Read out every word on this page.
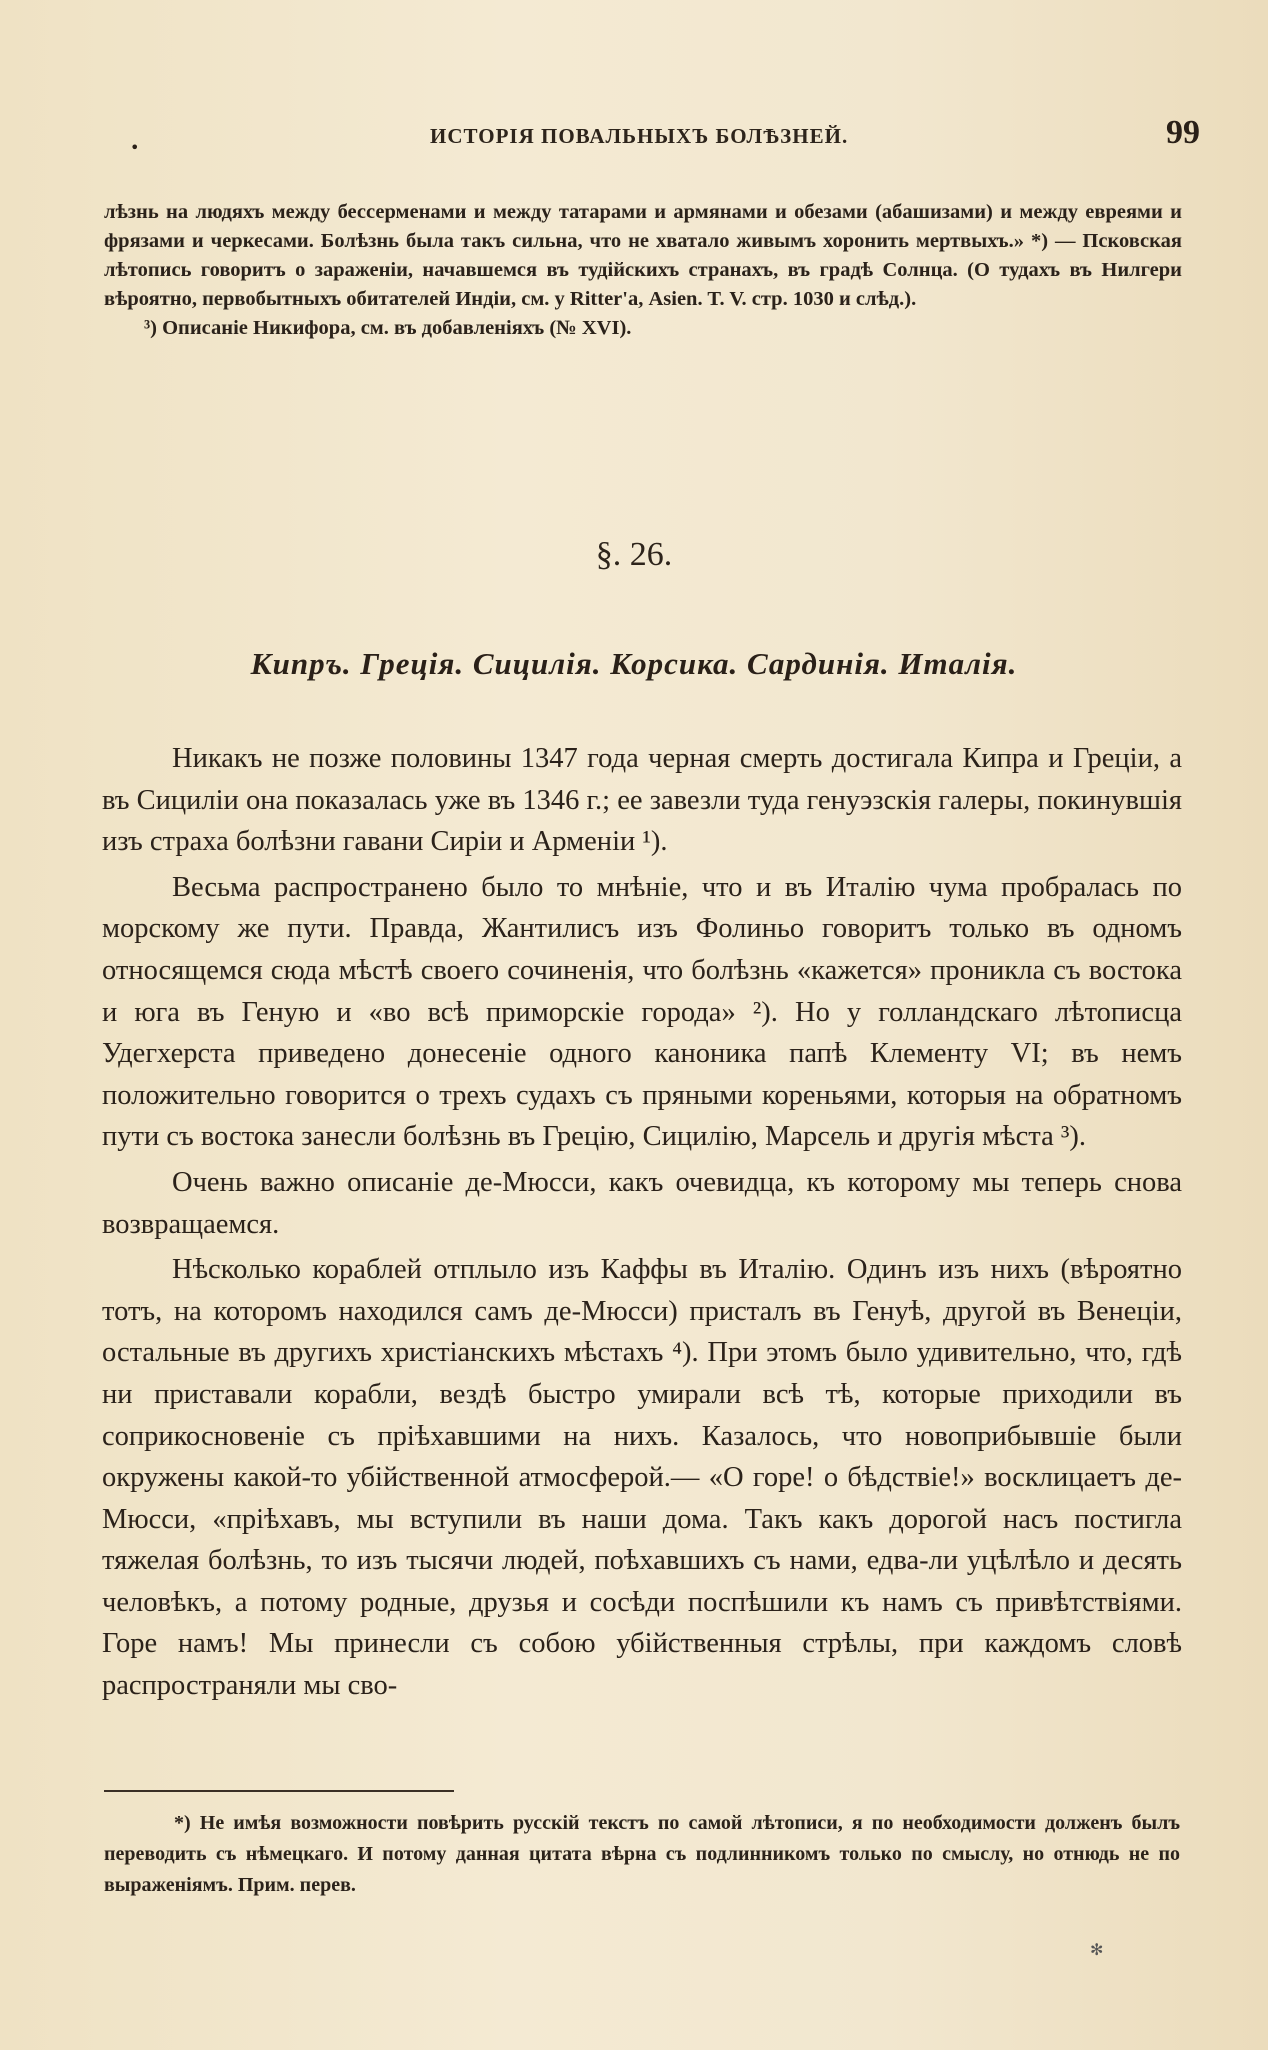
•	ИСТОРІЯ ПОВАЛЬНЫХЪ БОЛѢЗНЕЙ.	99

лѣзнь на людяхъ между бессерменами и между татарами и армянами и обезами (абашизами) и между евреями и фрязами и черкесами. Болѣзнь была такъ сильна, что не хватало живымъ хоронить мертвыхъ.» *) — Псковская лѣтопись говоритъ о зараженіи, начавшемся въ тудійскихъ странахъ, въ градѣ Солнца. (О тудахъ въ Нилгери вѣроятно, первобытныхъ обитателей Индіи, см. у Ritter'а, Asien. T. V. стр. 1030 и слѣд.).

³) Описаніе Никифора, см. въ добавленіяхъ (№ XVI).

§. 26.
Кипръ. Греція. Сицилія. Корсика. Сардинія. Италія.

Никакъ не позже половины 1347 года черная смерть достигала Кипра и Греціи, а въ Сициліи она показалась уже въ 1346 г.; ее завезли туда генуэзскія галеры, покинувшія изъ страха болѣзни гавани Сиріи и Арменіи ¹).

Весьма распространено было то мнѣніе, что и въ Италію чума пробралась по морскому же пути. Правда, Жантилисъ изъ Фолиньо говоритъ только въ одномъ относящемся сюда мѣстѣ своего сочиненія, что болѣзнь «кажется» проникла съ востока и юга въ Геную и «во всѣ приморскіе города» ²). Но у голландскаго лѣтописца Удегхерста приведено донесеніе одного каноника папѣ Клементу VI; въ немъ положительно говорится о трехъ судахъ съ пряными кореньями, которыя на обратномъ пути съ востока занесли болѣзнь въ Грецію, Сицилію, Марсель и другія мѣста ³).

Очень важно описаніе де-Мюсси, какъ очевидца, къ которому мы теперь снова возвращаемся.

Нѣсколько кораблей отплыло изъ Каффы въ Италію. Одинъ изъ нихъ (вѣроятно тотъ, на которомъ находился самъ де-Мюсси) присталъ въ Генуѣ, другой въ Венеціи, остальные въ другихъ христіанскихъ мѣстахъ ⁴). При этомъ было удивительно, что, гдѣ ни приставали корабли, вездѣ быстро умирали всѣ тѣ, которые приходили въ соприкосновеніе съ пріѣхавшими на нихъ. Казалось, что новоприбывшіе были окружены какой-то убійственной атмосферой.— «О горе! о бѣдствіе!» восклицаетъ де-Мюсси, «пріѣхавъ, мы вступили въ наши дома. Такъ какъ дорогой насъ постигла тяжелая болѣзнь, то изъ тысячи людей, поѣхавшихъ съ нами, едва-ли уцѣлѣло и десять человѣкъ, а потому родные, друзья и сосѣди поспѣшили къ намъ съ привѣтствіями. Горе намъ! Мы принесли съ собою убійственныя стрѣлы, при каждомъ словѣ распространяли мы сво-

*) Не имѣя возможности повѣрить русскій текстъ по самой лѣтописи, я по необходимости долженъ былъ переводить съ нѣмецкаго. И потому данная цитата вѣрна съ подлинникомъ только по смыслу, но отнюдь не по выраженіямъ. Прим. перев.

✻
